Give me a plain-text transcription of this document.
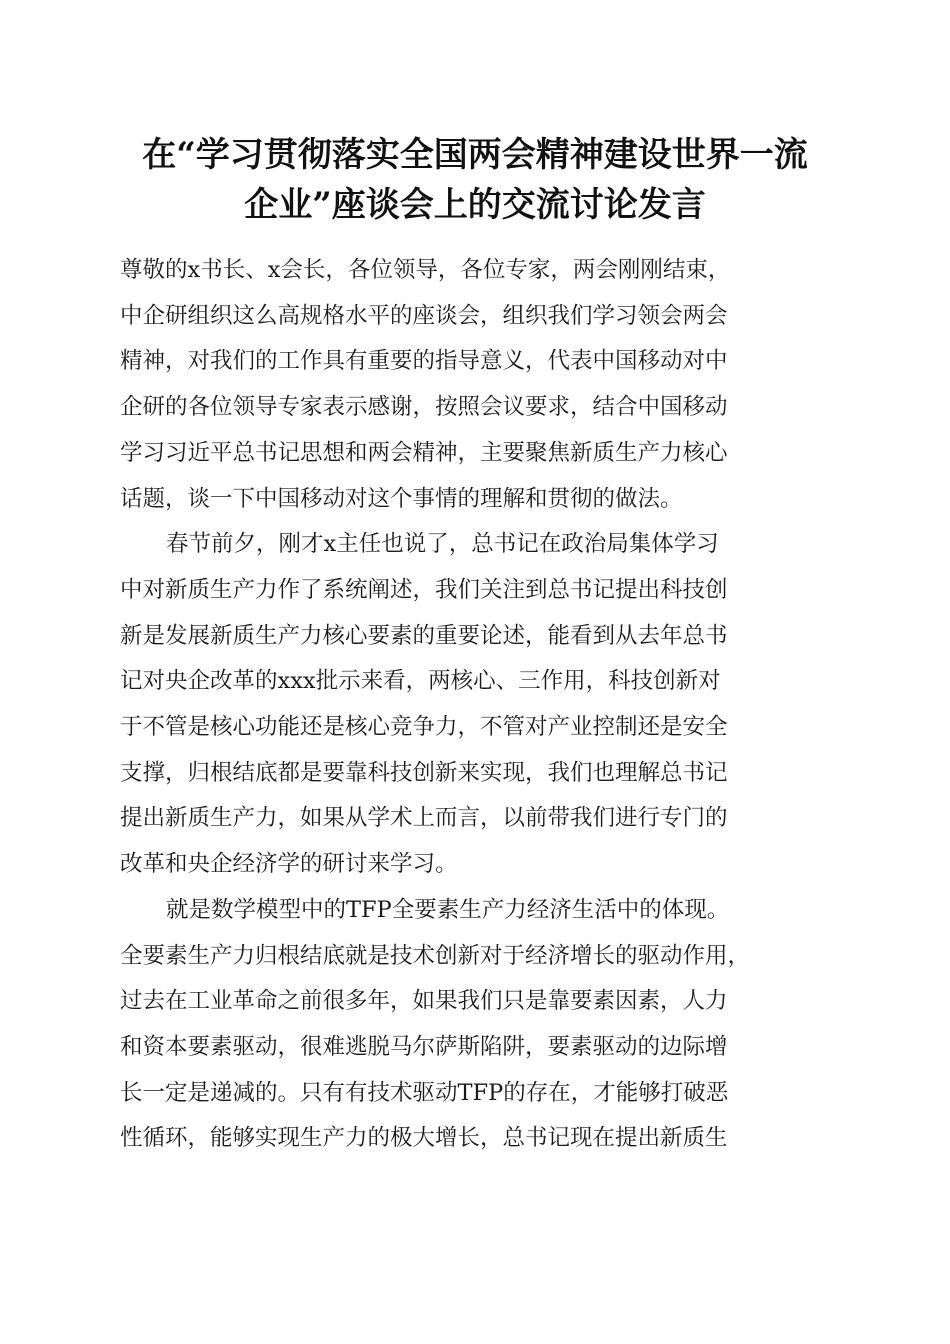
在“学习贯彻落实全国两会精神建设世界一流
企业”座谈会上的交流讨论发言

尊敬的x书长、x会长，各位领导，各位专家，两会刚刚结束，
中企研组织这么高规格水平的座谈会，组织我们学习领会两会
精神，对我们的工作具有重要的指导意义，代表中国移动对中
企研的各位领导专家表示感谢，按照会议要求，结合中国移动
学习习近平总书记思想和两会精神，主要聚焦新质生产力核心
话题，谈一下中国移动对这个事情的理解和贯彻的做法。

春节前夕，刚才x主任也说了，总书记在政治局集体学习
中对新质生产力作了系统阐述，我们关注到总书记提出科技创
新是发展新质生产力核心要素的重要论述，能看到从去年总书
记对央企改革的xxx批示来看，两核心、三作用，科技创新对
于不管是核心功能还是核心竞争力，不管对产业控制还是安全
支撑，归根结底都是要靠科技创新来实现，我们也理解总书记
提出新质生产力，如果从学术上而言，以前带我们进行专门的
改革和央企经济学的研讨来学习。

就是数学模型中的TFP全要素生产力经济生活中的体现。
全要素生产力归根结底就是技术创新对于经济增长的驱动作用，
过去在工业革命之前很多年，如果我们只是靠要素因素，人力
和资本要素驱动，很难逃脱马尔萨斯陷阱，要素驱动的边际增
长一定是递减的。只有有技术驱动TFP的存在，才能够打破恶
性循环，能够实现生产力的极大增长，总书记现在提出新质生
